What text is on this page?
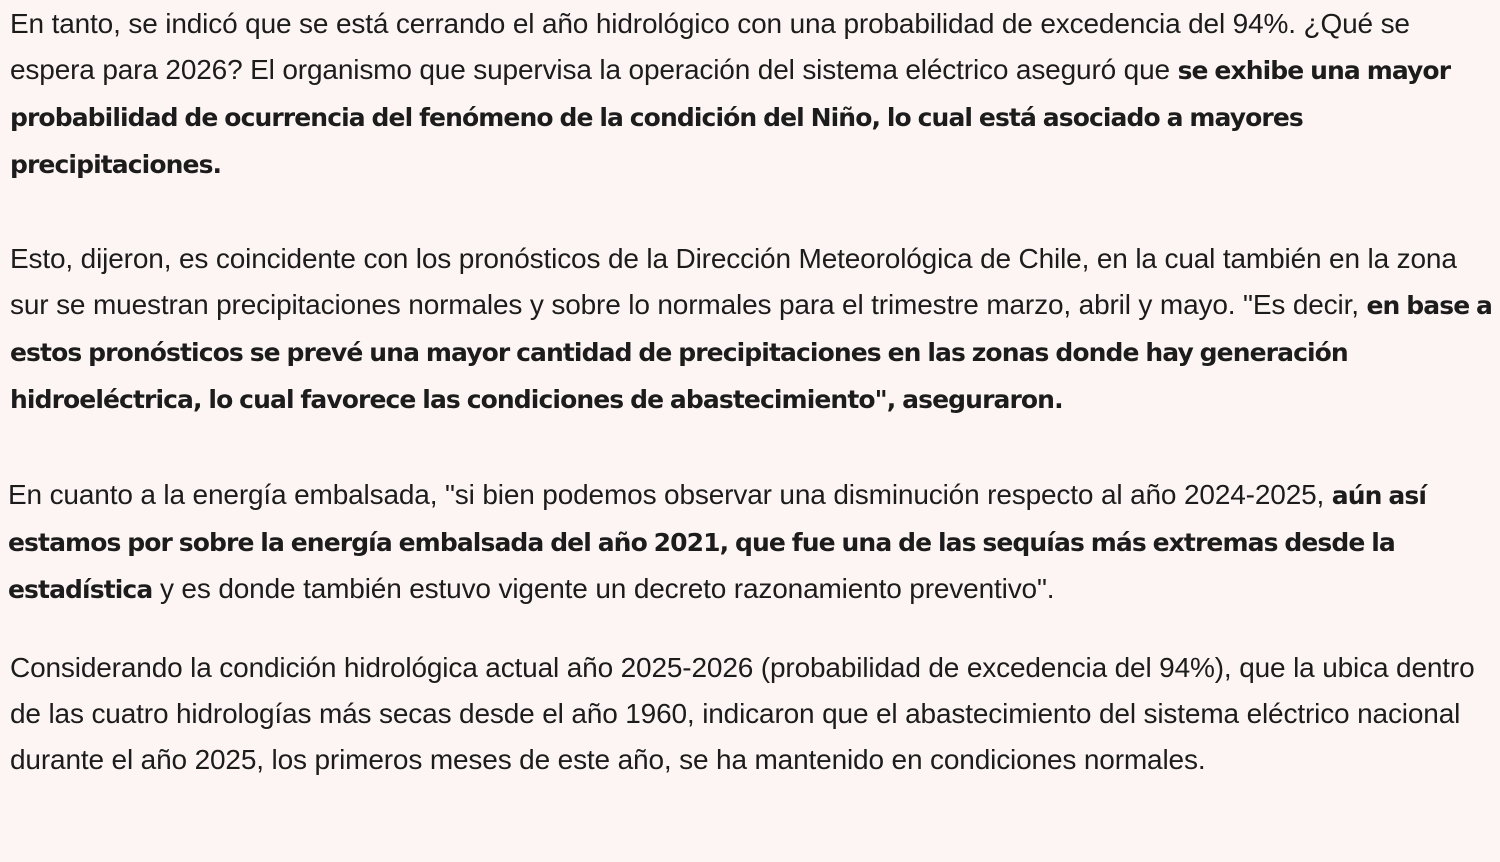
En tanto, se indicó que se está cerrando el año hidrológico con una probabilidad de excedencia del 94%. ¿Qué se espera para 2026? El organismo que supervisa la operación del sistema eléctrico aseguró que se exhibe una mayor probabilidad de ocurrencia del fenómeno de la condición del Niño, lo cual está asociado a mayores precipitaciones.

Esto, dijeron, es coincidente con los pronósticos de la Dirección Meteorológica de Chile, en la cual también en la zona sur se muestran precipitaciones normales y sobre lo normales para el trimestre marzo, abril y mayo. "Es decir, en base a estos pronósticos se prevé una mayor cantidad de precipitaciones en las zonas donde hay generación hidroeléctrica, lo cual favorece las condiciones de abastecimiento", aseguraron.

En cuanto a la energía embalsada, "si bien podemos observar una disminución respecto al año 2024-2025, aún así estamos por sobre la energía embalsada del año 2021, que fue una de las sequías más extremas desde la estadística y es donde también estuvo vigente un decreto razonamiento preventivo".

Considerando la condición hidrológica actual año 2025-2026 (probabilidad de excedencia del 94%), que la ubica dentro de las cuatro hidrologías más secas desde el año 1960, indicaron que el abastecimiento del sistema eléctrico nacional durante el año 2025, los primeros meses de este año, se ha mantenido en condiciones normales.
